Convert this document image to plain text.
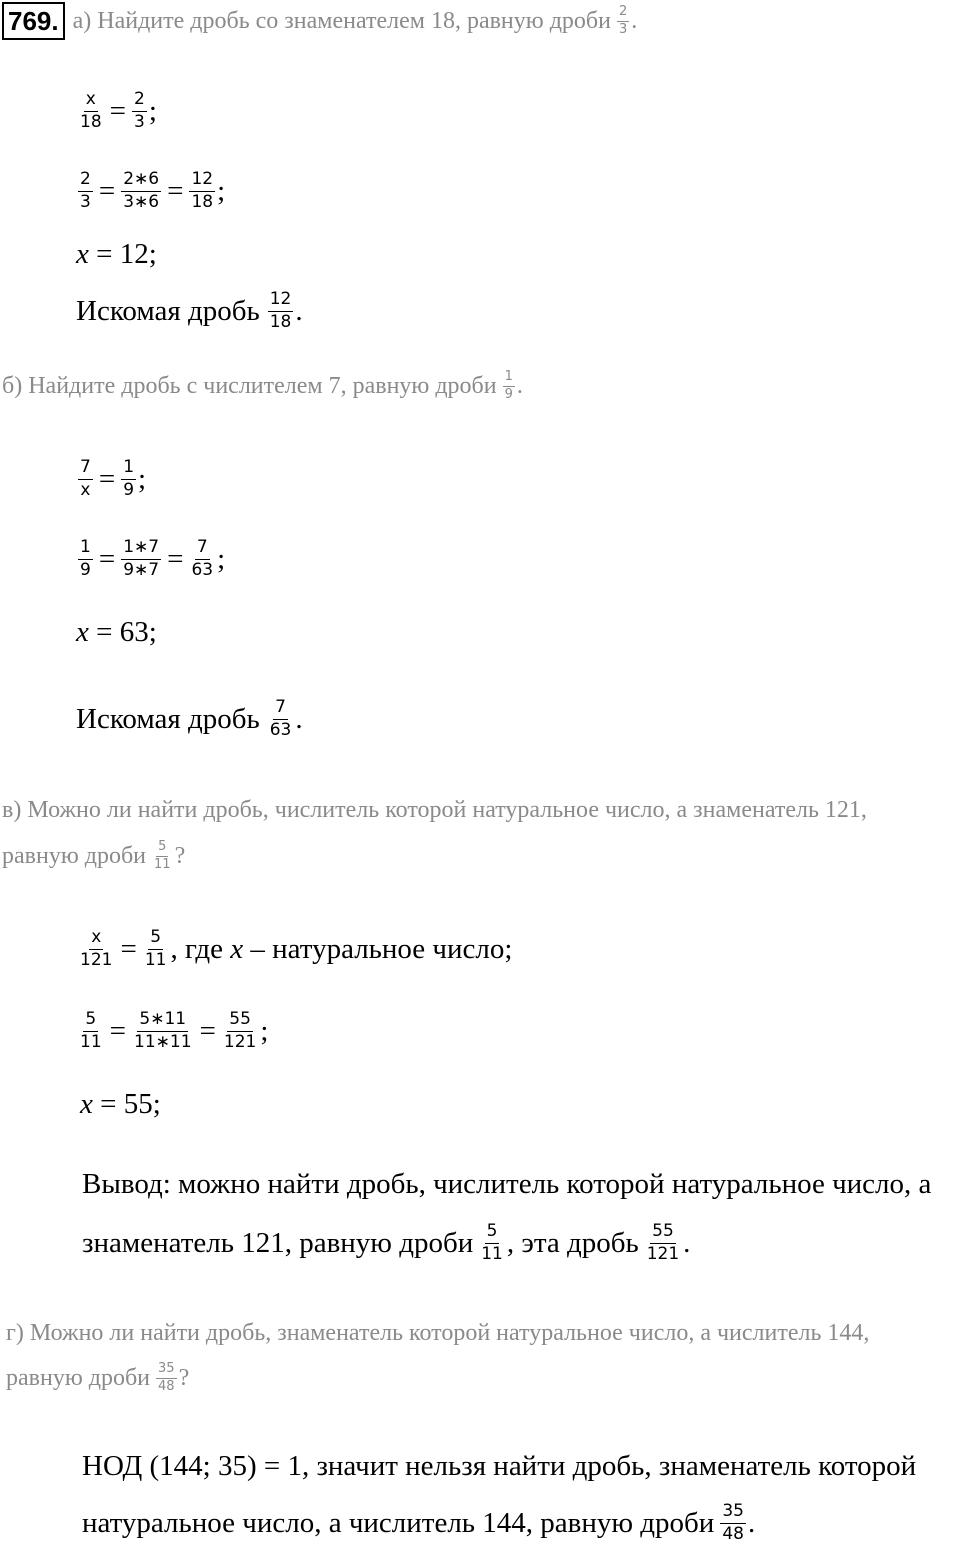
769. а) Найдите дробь со знаменателем 18, равную дроби $\frac{2}{3}$ .
$\frac{x}{18} = \frac{2}{3}$ ;
$\frac{2}{3} = \frac{2∗6}{3∗6} = \frac{12}{18}$ ;
x = 12;
Искомая дробь $\frac{12}{18}$ .
б) Найдите дробь с числителем 7, равную дроби $\frac{1}{9}$ .
$\frac{7}{x} = \frac{1}{9}$ ;
$\frac{1}{9} = \frac{1∗7}{9∗7} = \frac{7}{63}$ ;
x = 63;
Искомая дробь $\frac{7}{63}$ .
в) Можно ли найти дробь, числитель которой натуральное число, а знаменатель 121,
равную дроби $\frac{5}{11}$ ?
$\frac{x}{121} = \frac{5}{11}$ , где
x
– натуральное число;
$\frac{5}{11} = \frac{5∗11}{11∗11} = \frac{55}{121}$ ;
x = 55;
Вывод: можно найти дробь, числитель которой натуральное число, а
знаменатель 121, равную дроби $\frac{5}{11}$ , эта дробь $\frac{55}{121}$ .
г) Можно ли найти дробь, знаменатель которой натуральное число, а числитель 144,
равную дроби $\frac{35}{48}$ ?
НОД (144; 35) = 1, значит нельзя найти дробь, знаменатель которой
натуральное число, а числитель 144, равную дроби $\frac{35}{48}$ .
